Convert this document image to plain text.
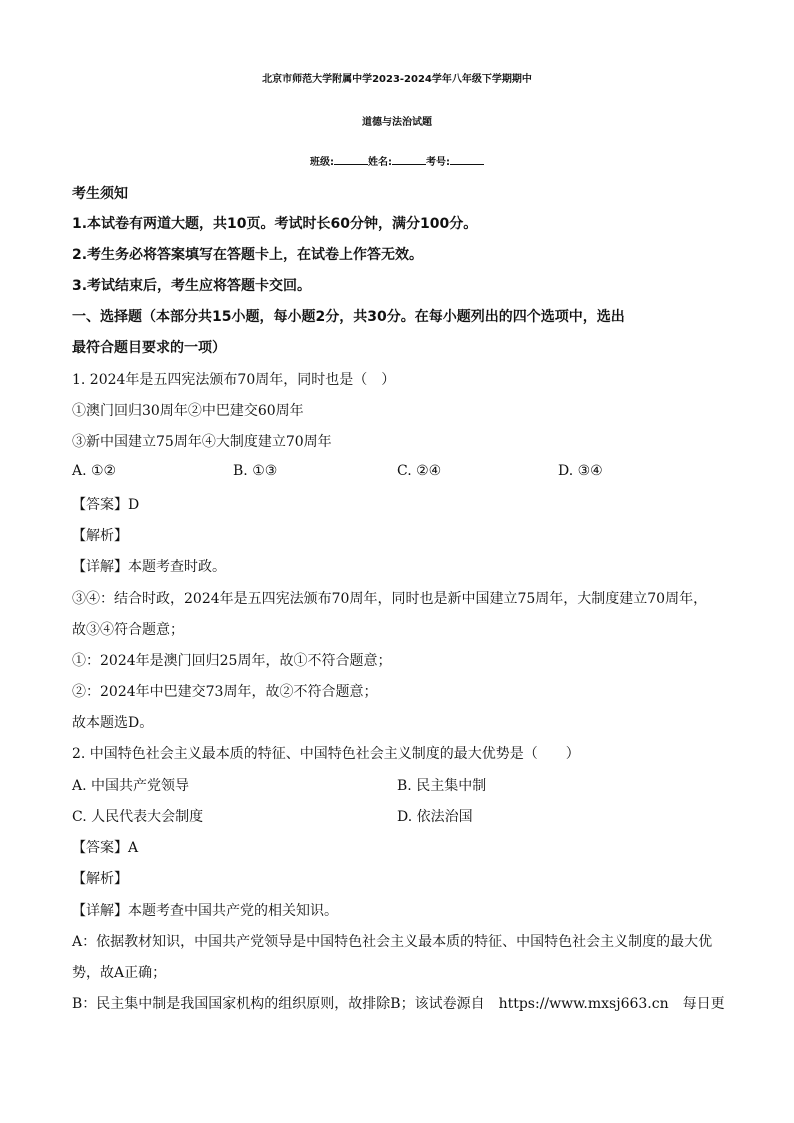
北京市师范大学附属中学2023-2024学年八年级下学期期中
道德与法治试题
班级:	姓名:	考号:
考生须知
1.本试卷有两道大题，共10页。考试时长60分钟，满分100分。
2.考生务必将答案填写在答题卡上，在试卷上作答无效。
3.考试结束后，考生应将答题卡交回。
一、选择题（本部分共15小题，每小题2分，共30分。在每小题列出的四个选项中，选出
最符合题目要求的一项）
1. 2024年是五四宪法颁布70周年，同时也是（　）
①澳门回归30周年②中巴建交60周年
③新中国建立75周年④大制度建立70周年
A. ①②	B. ①③	C. ②④	D. ③④
【答案】D
【解析】
【详解】本题考查时政。
③④：结合时政，2024年是五四宪法颁布70周年，同时也是新中国建立75周年，大制度建立70周年，
故③④符合题意；
①：2024年是澳门回归25周年，故①不符合题意；
②：2024年中巴建交73周年，故②不符合题意；
故本题选D。
2. 中国特色社会主义最本质的特征、中国特色社会主义制度的最大优势是（　　）
A. 中国共产党领导	B. 民主集中制
C. 人民代表大会制度	D. 依法治国
【答案】A
【解析】
【详解】本题考查中国共产党的相关知识。
A：依据教材知识，中国共产党领导是中国特色社会主义最本质的特征、中国特色社会主义制度的最大优
势，故A正确；
B：民主集中制是我国国家机构的组织原则，故排除B；该试卷源自　https://www.mxsj663.cn　每日更
